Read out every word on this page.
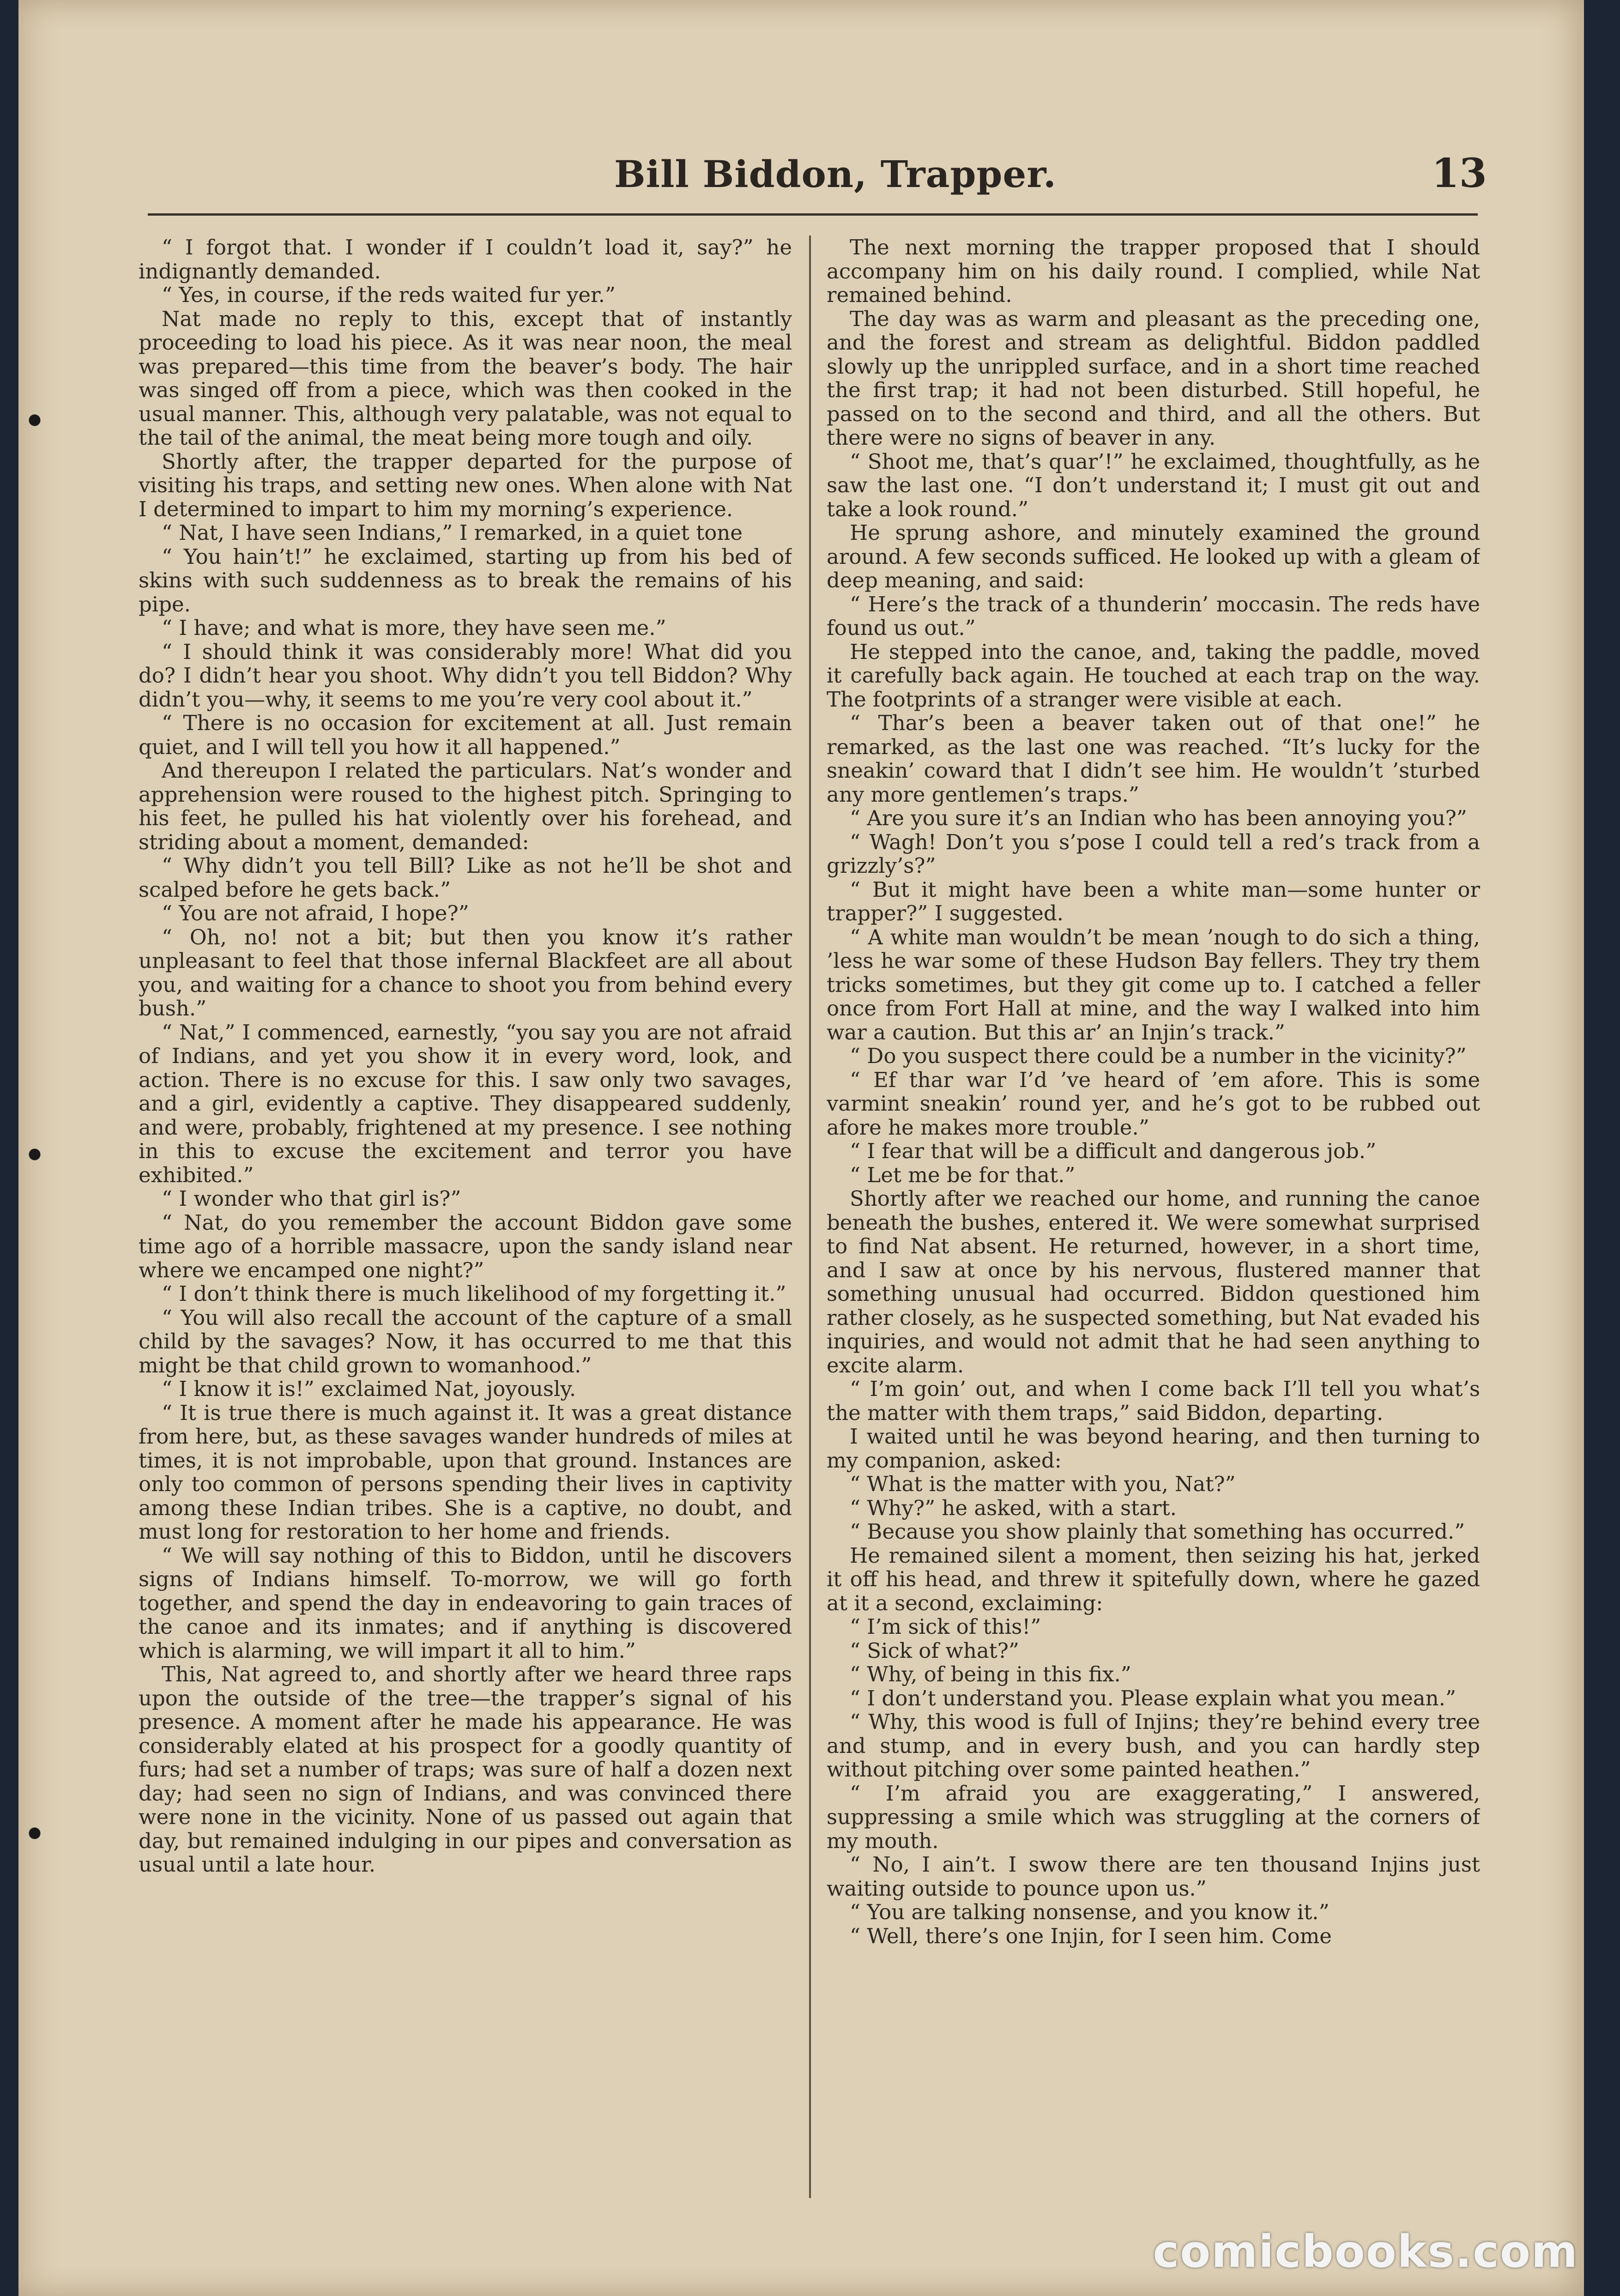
Bill Biddon, Trapper.	13

“ I forgot that. I wonder if I couldn’t load it, say?” he indignantly demanded.

“ Yes, in course, if the reds waited fur yer.”

Nat made no reply to this, except that of instantly proceeding to load his piece. As it was near noon, the meal was prepared—this time from the beaver’s body. The hair was singed off from a piece, which was then cooked in the usual manner. This, although very palatable, was not equal to the tail of the animal, the meat being more tough and oily.

Shortly after, the trapper departed for the purpose of visiting his traps, and setting new ones. When alone with Nat I determined to impart to him my morning’s experience.

“ Nat, I have seen Indians,” I remarked, in a quiet tone

“ You hain’t!” he exclaimed, starting up from his bed of skins with such suddenness as to break the remains of his pipe.

“ I have; and what is more, they have seen me.”

“ I should think it was considerably more! What did you do? I didn’t hear you shoot. Why didn’t you tell Biddon? Why didn’t you—why, it seems to me you’re very cool about it.”

“ There is no occasion for excitement at all. Just remain quiet, and I will tell you how it all happened.”

And thereupon I related the particulars. Nat’s wonder and apprehension were roused to the highest pitch. Springing to his feet, he pulled his hat violently over his forehead, and striding about a moment, demanded:

“ Why didn’t you tell Bill? Like as not he’ll be shot and scalped before he gets back.”

“ You are not afraid, I hope?”

“ Oh, no! not a bit; but then you know it’s rather unpleasant to feel that those infernal Blackfeet are all about you, and waiting for a chance to shoot you from behind every bush.”

“ Nat,” I commenced, earnestly, “you say you are not afraid of Indians, and yet you show it in every word, look, and action. There is no excuse for this. I saw only two savages, and a girl, evidently a captive. They disappeared suddenly, and were, probably, frightened at my presence. I see nothing in this to excuse the excitement and terror you have exhibited.”

“ I wonder who that girl is?”

“ Nat, do you remember the account Biddon gave some time ago of a horrible massacre, upon the sandy island near where we encamped one night?”

“ I don’t think there is much likelihood of my forgetting it.”

“ You will also recall the account of the capture of a small child by the savages? Now, it has occurred to me that this might be that child grown to womanhood.”

“ I know it is!” exclaimed Nat, joyously.

“ It is true there is much against it. It was a great distance from here, but, as these savages wander hundreds of miles at times, it is not improbable, upon that ground. Instances are only too common of persons spending their lives in captivity among these Indian tribes. She is a captive, no doubt, and must long for restoration to her home and friends.

“ We will say nothing of this to Biddon, until he discovers signs of Indians himself. To-morrow, we will go forth together, and spend the day in endeavoring to gain traces of the canoe and its inmates; and if anything is discovered which is alarming, we will impart it all to him.”

This, Nat agreed to, and shortly after we heard three raps upon the outside of the tree—the trapper’s signal of his presence. A moment after he made his appearance. He was considerably elated at his prospect for a goodly quantity of furs; had set a number of traps; was sure of half a dozen next day; had seen no sign of Indians, and was convinced there were none in the vicinity. None of us passed out again that day, but remained indulging in our pipes and conversation as usual until a late hour.

The next morning the trapper proposed that I should accompany him on his daily round. I complied, while Nat remained behind.

The day was as warm and pleasant as the preceding one, and the forest and stream as delightful. Biddon paddled slowly up the unrippled surface, and in a short time reached the first trap; it had not been disturbed. Still hopeful, he passed on to the second and third, and all the others. But there were no signs of beaver in any.

“ Shoot me, that’s quar’!” he exclaimed, thoughtfully, as he saw the last one. “I don’t understand it; I must git out and take a look round.”

He sprung ashore, and minutely examined the ground around. A few seconds sufficed. He looked up with a gleam of deep meaning, and said:

“ Here’s the track of a thunderin’ moccasin. The reds have found us out.”

He stepped into the canoe, and, taking the paddle, moved it carefully back again. He touched at each trap on the way. The footprints of a stranger were visible at each.

“ Thar’s been a beaver taken out of that one!” he remarked, as the last one was reached. “It’s lucky for the sneakin’ coward that I didn’t see him. He wouldn’t ’sturbed any more gentlemen’s traps.”

“ Are you sure it’s an Indian who has been annoying you?”

“ Wagh! Don’t you s’pose I could tell a red’s track from a grizzly’s?”

“ But it might have been a white man—some hunter or trapper?” I suggested.

“ A white man wouldn’t be mean ’nough to do sich a thing, ’less he war some of these Hudson Bay fellers. They try them tricks sometimes, but they git come up to. I catched a feller once from Fort Hall at mine, and the way I walked into him war a caution. But this ar’ an Injin’s track.”

“ Do you suspect there could be a number in the vicinity?”

“ Ef thar war I’d ’ve heard of ’em afore. This is some varmint sneakin’ round yer, and he’s got to be rubbed out afore he makes more trouble.”

“ I fear that will be a difficult and dangerous job.”

“ Let me be for that.”

Shortly after we reached our home, and running the canoe beneath the bushes, entered it. We were somewhat surprised to find Nat absent. He returned, however, in a short time, and I saw at once by his nervous, flustered manner that something unusual had occurred. Biddon questioned him rather closely, as he suspected something, but Nat evaded his inquiries, and would not admit that he had seen anything to excite alarm.

“ I’m goin’ out, and when I come back I’ll tell you what’s the matter with them traps,” said Biddon, departing.

I waited until he was beyond hearing, and then turning to my companion, asked:

“ What is the matter with you, Nat?”

“ Why?” he asked, with a start.

“ Because you show plainly that something has occurred.”

He remained silent a moment, then seizing his hat, jerked it off his head, and threw it spitefully down, where he gazed at it a second, exclaiming:

“ I’m sick of this!”

“ Sick of what?”

“ Why, of being in this fix.”

“ I don’t understand you. Please explain what you mean.”

“ Why, this wood is full of Injins; they’re behind every tree and stump, and in every bush, and you can hardly step without pitching over some painted heathen.”

“ I’m afraid you are exaggerating,” I answered, suppressing a smile which was struggling at the corners of my mouth.

“ No, I ain’t. I swow there are ten thousand Injins just waiting outside to pounce upon us.”

“ You are talking nonsense, and you know it.”

“ Well, there’s one Injin, for I seen him. Come

comicbooks.com
